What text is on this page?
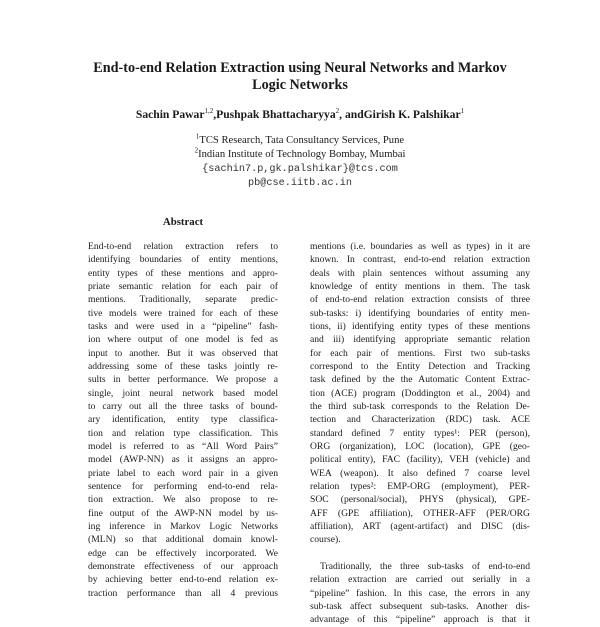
End-to-end Relation Extraction using Neural Networks and Markov
Logic Networks
Sachin Pawar$^{1,2}$,Pushpak Bhattacharyya$^2$, andGirish K. Palshikar$^1$
$^1$TCS Research, Tata Consultancy Services, Pune
$^2$Indian Institute of Technology Bombay, Mumbai
{sachin7.p,gk.palshikar}@tcs.com
pb@cse.iitb.ac.in
Abstract
End-to-end relation extraction refers to
identifying boundaries of entity mentions,
entity types of these mentions and appro-
priate semantic relation for each pair of
mentions. Traditionally, separate predic-
tive models were trained for each of these
tasks and were used in a “pipeline” fash-
ion where output of one model is fed as
input to another. But it was observed that
addressing some of these tasks jointly re-
sults in better performance. We propose a
single, joint neural network based model
to carry out all the three tasks of bound-
ary identification, entity type classifica-
tion and relation type classification. This
model is referred to as “All Word Pairs”
model (AWP-NN) as it assigns an appro-
priate label to each word pair in a given
sentence for performing end-to-end rela-
tion extraction. We also propose to re-
fine output of the AWP-NN model by us-
ing inference in Markov Logic Networks
(MLN) so that additional domain knowl-
edge can be effectively incorporated. We
demonstrate effectiveness of our approach
by achieving better end-to-end relation ex-
traction performance than all 4 previous
mentions (i.e. boundaries as well as types) in it are
known. In contrast, end-to-end relation extraction
deals with plain sentences without assuming any
knowledge of entity mentions in them. The task
of end-to-end relation extraction consists of three
sub-tasks: i) identifying boundaries of entity men-
tions, ii) identifying entity types of these mentions
and iii) identifying appropriate semantic relation
for each pair of mentions. First two sub-tasks
correspond to the Entity Detection and Tracking
task defined by the the Automatic Content Extrac-
tion (ACE) program (Doddington et al., 2004) and
the third sub-task corresponds to the Relation De-
tection and Characterization (RDC) task. ACE
standard defined 7 entity types¹: PER (person),
ORG (organization), LOC (location), GPE (geo-
political entity), FAC (facility), VEH (vehicle) and
WEA (weapon). It also defined 7 coarse level
relation types²: EMP-ORG (employment), PER-
SOC (personal/social), PHYS (physical), GPE-
AFF (GPE affiliation), OTHER-AFF (PER/ORG
affiliation), ART (agent-artifact) and DISC (dis-
course).
Traditionally, the three sub-tasks of end-to-end
relation extraction are carried out serially in a
“pipeline” fashion. In this case, the errors in any
sub-task affect subsequent sub-tasks. Another dis-
advantage of this “pipeline” approach is that it
